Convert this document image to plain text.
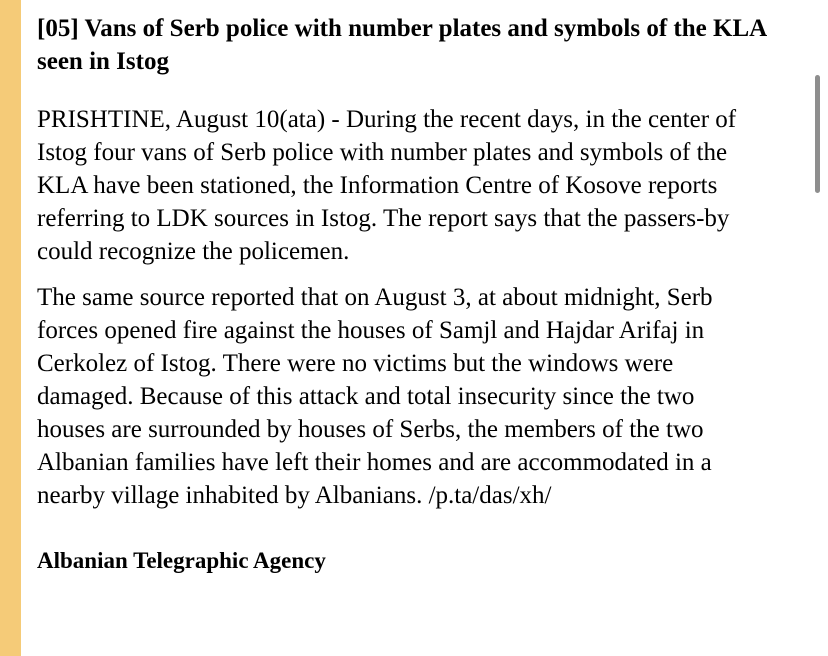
[05] Vans of Serb police with number plates and symbols of the KLA seen in Istog

PRISHTINE, August 10(ata) - During the recent days, in the center of Istog four vans of Serb police with number plates and symbols of the KLA have been stationed, the Information Centre of Kosove reports referring to LDK sources in Istog. The report says that the passers-by could recognize the policemen.

The same source reported that on August 3, at about midnight, Serb forces opened fire against the houses of Samjl and Hajdar Arifaj in Cerkolez of Istog. There were no victims but the windows were damaged. Because of this attack and total insecurity since the two houses are surrounded by houses of Serbs, the members of the two Albanian families have left their homes and are accommodated in a nearby village inhabited by Albanians. /p.ta/das/xh/

Albanian Telegraphic Agency
